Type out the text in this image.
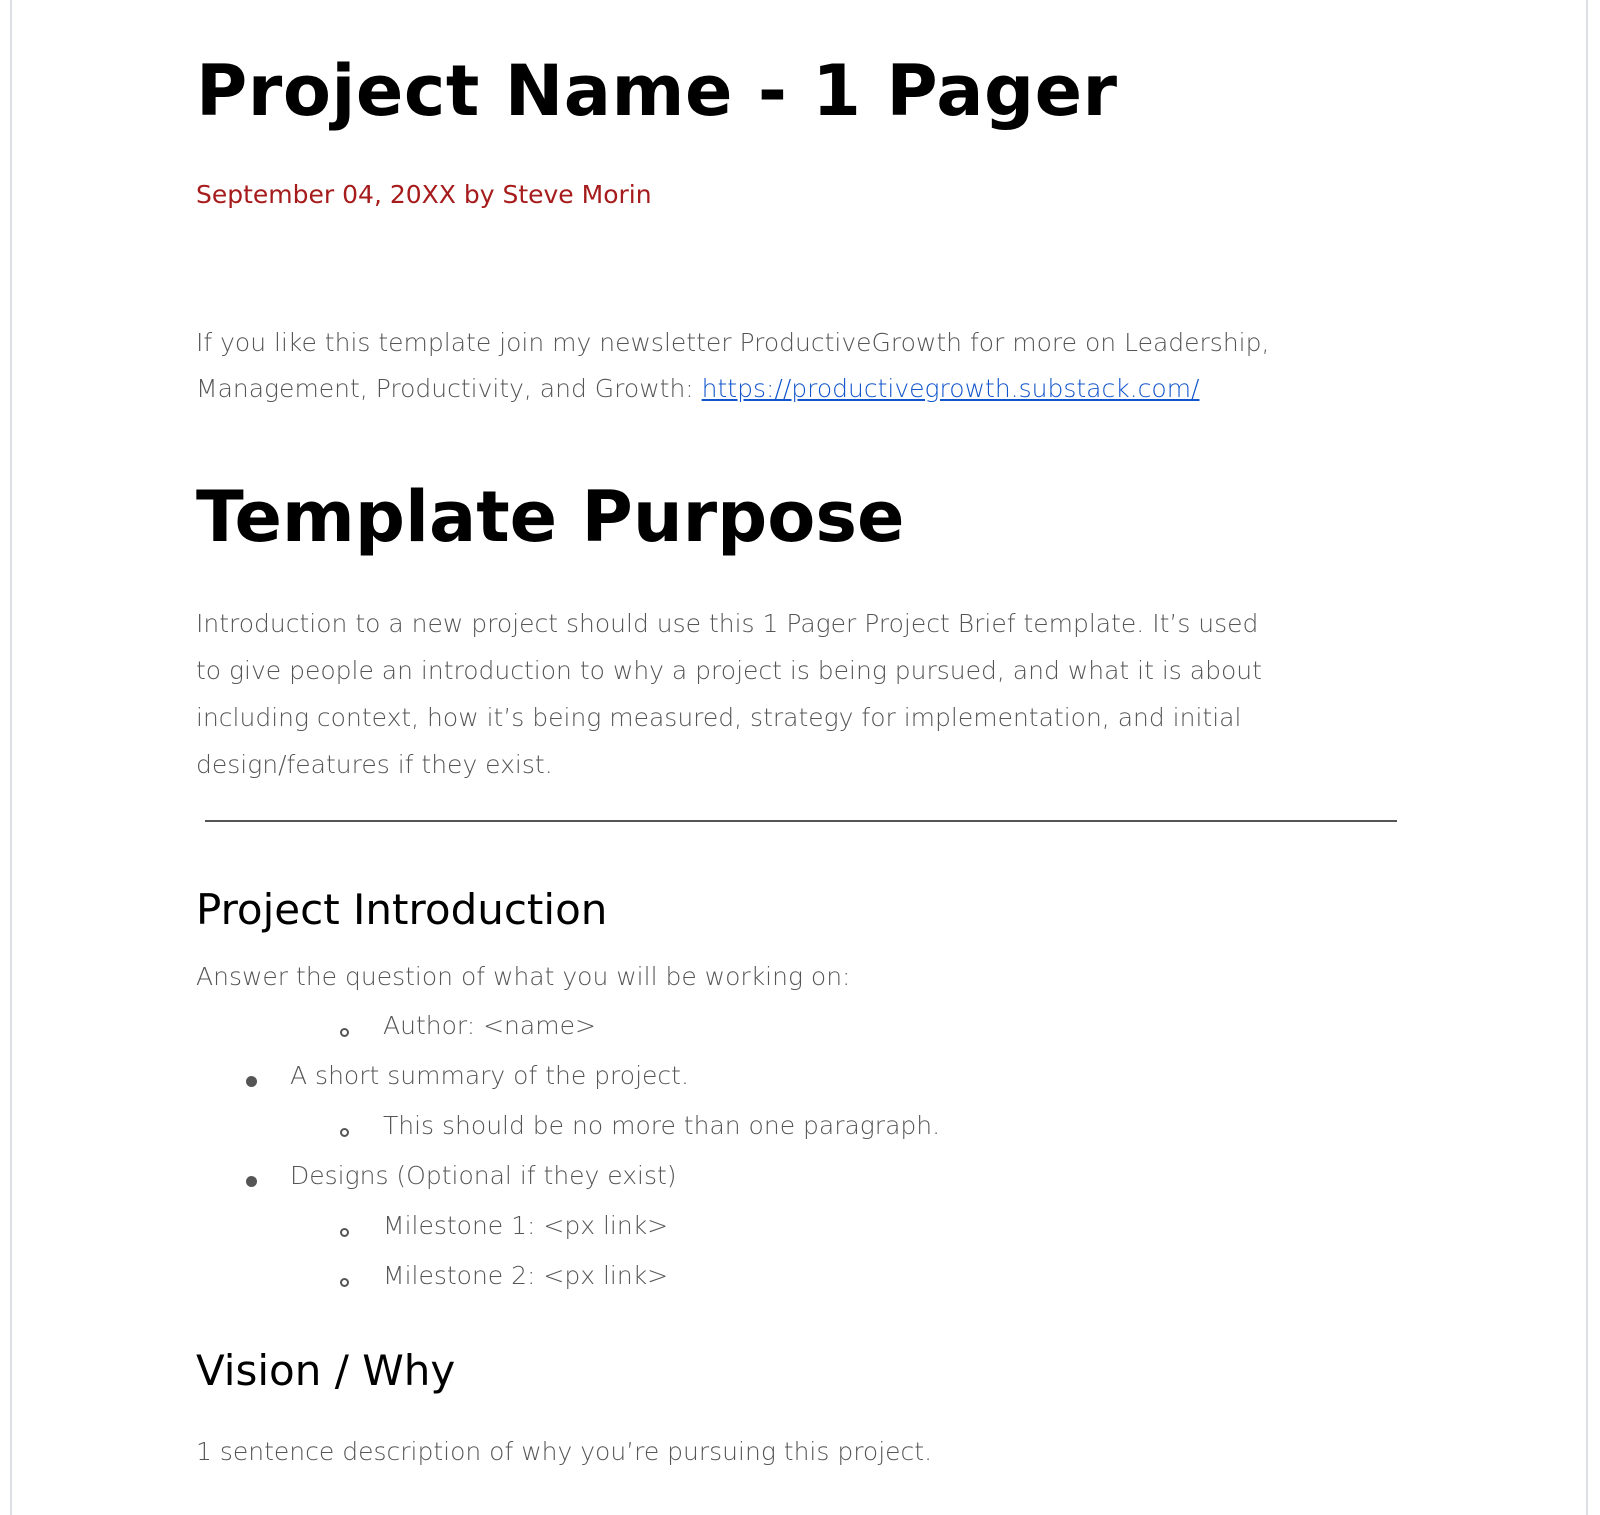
Project Name - 1 Pager
September 04, 20XX by Steve Morin
If you like this template join my newsletter ProductiveGrowth for more on Leadership,
Management, Productivity, and Growth: https://productivegrowth.substack.com/
Template Purpose
Introduction to a new project should use this 1 Pager Project Brief template. It’s used
to give people an introduction to why a project is being pursued, and what it is about
including context, how it’s being measured, strategy for implementation, and initial
design/features if they exist.
Project Introduction
Answer the question of what you will be working on:
Author: <name>
A short summary of the project.
This should be no more than one paragraph.
Designs (Optional if they exist)
Milestone 1: <px link>
Milestone 2: <px link>
Vision / Why
1 sentence description of why you’re pursuing this project.
